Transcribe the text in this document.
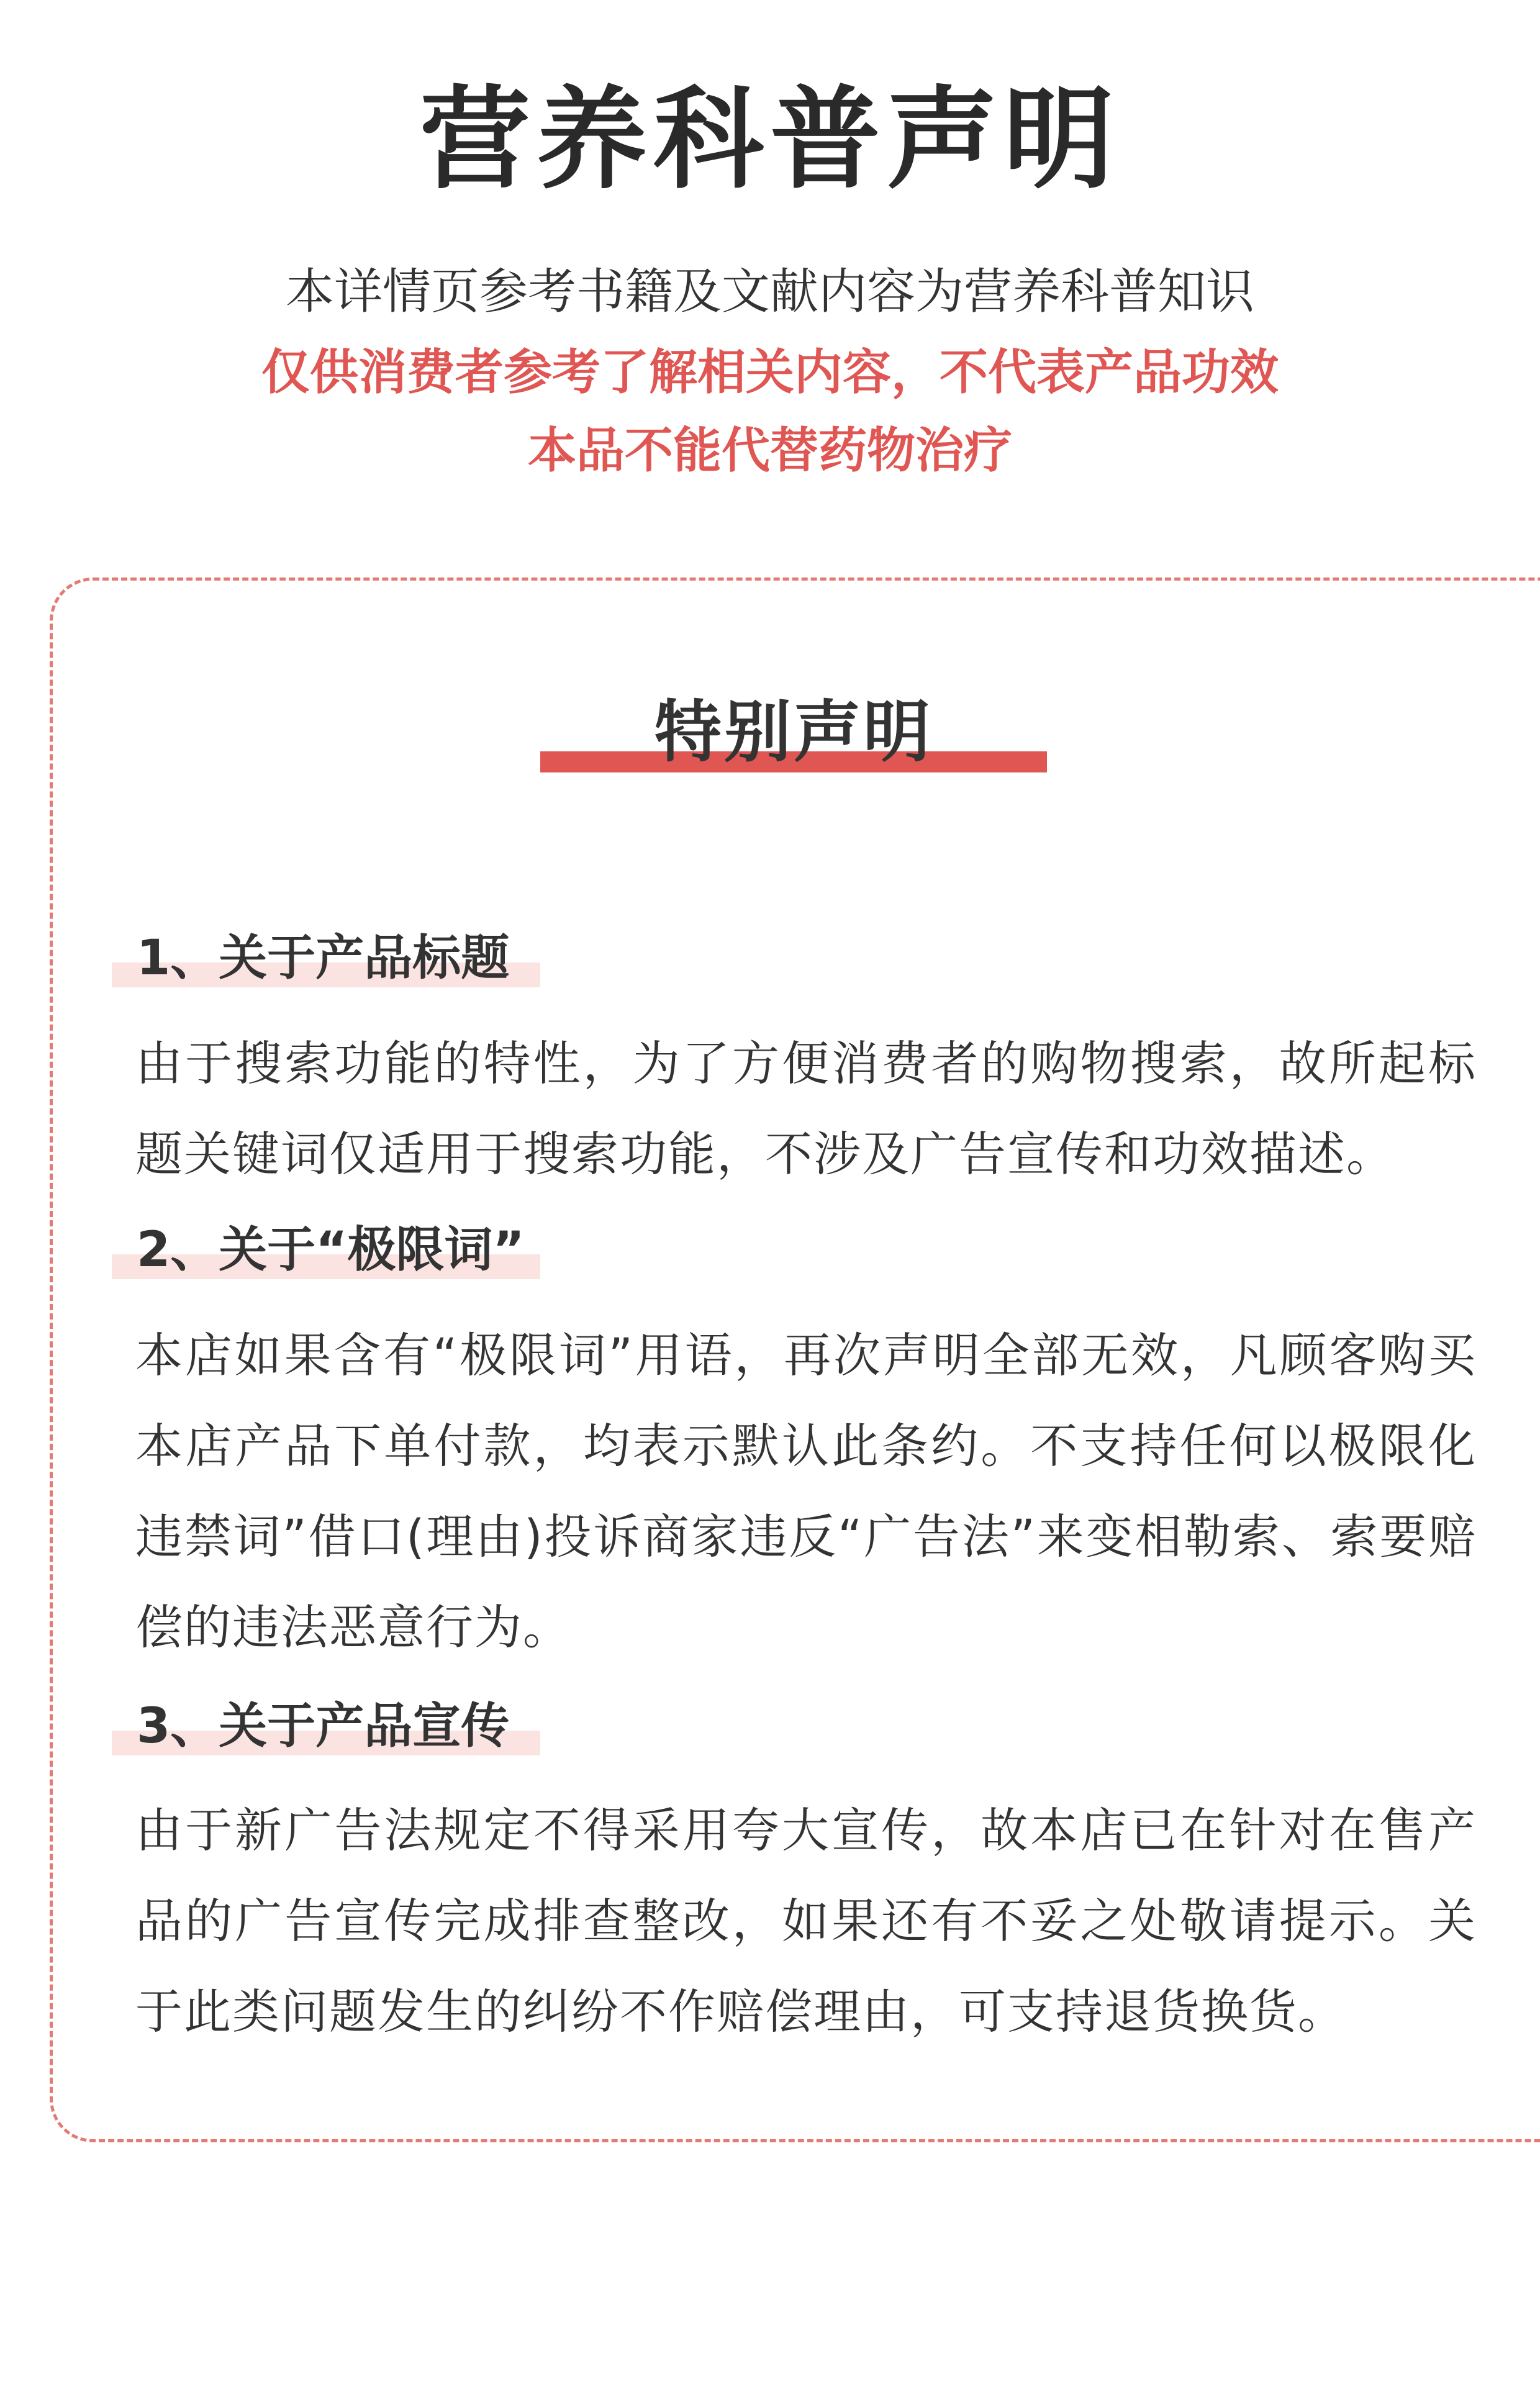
营养科普声明
本详情页参考书籍及文献内容为营养科普知识
仅供消费者参考了解相关内容，不代表产品功效
本品不能代替药物治疗
特别声明
1、关于产品标题

由于搜索功能的特性，为了方便消费者的购物搜索，故所起标题关键词仅适用于搜索功能，不涉及广告宣传和功效描述。

2、关于“极限词”

本店如果含有“极限词”用语，再次声明全部无效，凡顾客购买本店产品下单付款，均表示默认此条约。不支持任何以极限化违禁词”借口(理由)投诉商家违反“广告法”来变相勒索、索要赔偿的违法恶意行为。

3、关于产品宣传

由于新广告法规定不得采用夸大宣传，故本店已在针对在售产品的广告宣传完成排查整改，如果还有不妥之处敬请提示。关于此类问题发生的纠纷不作赔偿理由，可支持退货换货。
